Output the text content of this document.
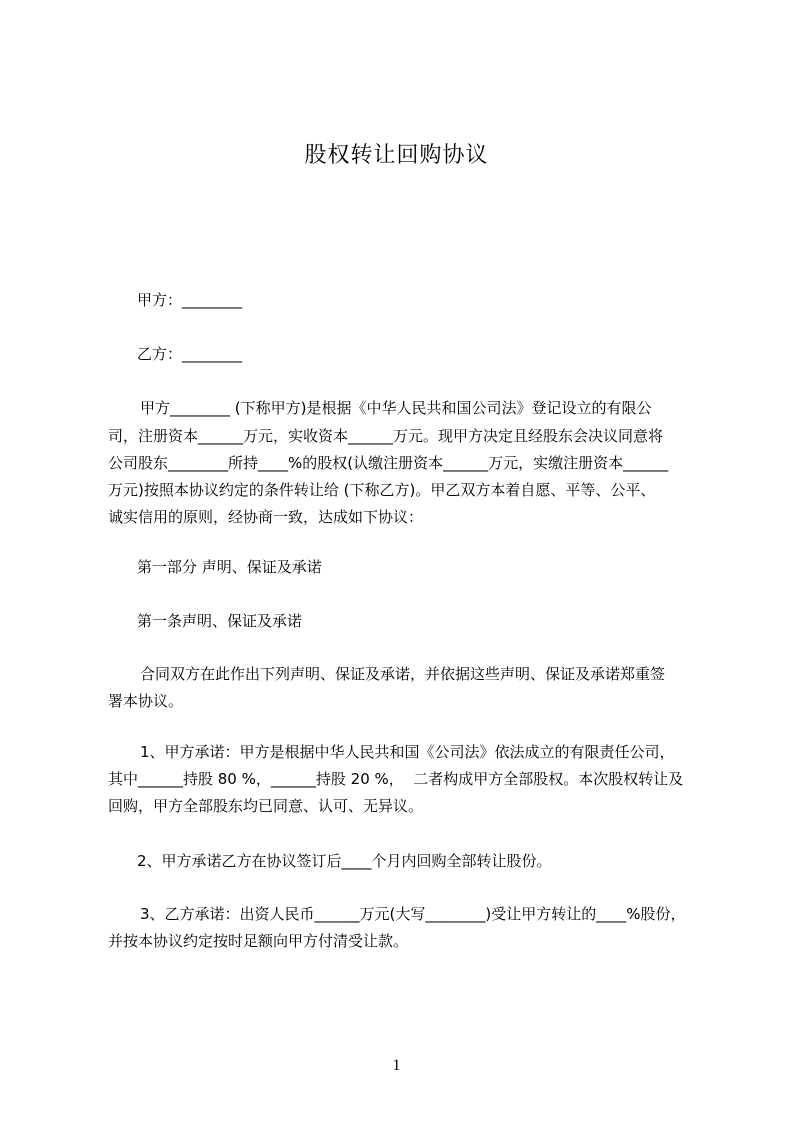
股权转让回购协议
甲方：________
乙方：________
甲方________ (下称甲方)是根据《中华人民共和国公司法》登记设立的有限公
司，注册资本______万元，实收资本______万元。现甲方决定且经股东会决议同意将
公司股东________所持____%的股权(认缴注册资本______万元，实缴注册资本______
万元)按照本协议约定的条件转让给 (下称乙方)。甲乙双方本着自愿、平等、公平、
诚实信用的原则，经协商一致，达成如下协议：
第一部分 声明、保证及承诺
第一条声明、保证及承诺
合同双方在此作出下列声明、保证及承诺，并依据这些声明、保证及承诺郑重签
署本协议。
1、甲方承诺：甲方是根据中华人民共和国《公司法》依法成立的有限责任公司，
其中______持股 80 %，______持股 20 %，  二者构成甲方全部股权。本次股权转让及
回购，甲方全部股东均已同意、认可、无异议。
2、甲方承诺乙方在协议签订后____个月内回购全部转让股份。
3、乙方承诺：出资人民币______万元(大写________)受让甲方转让的____%股份，
并按本协议约定按时足额向甲方付清受让款。
1
